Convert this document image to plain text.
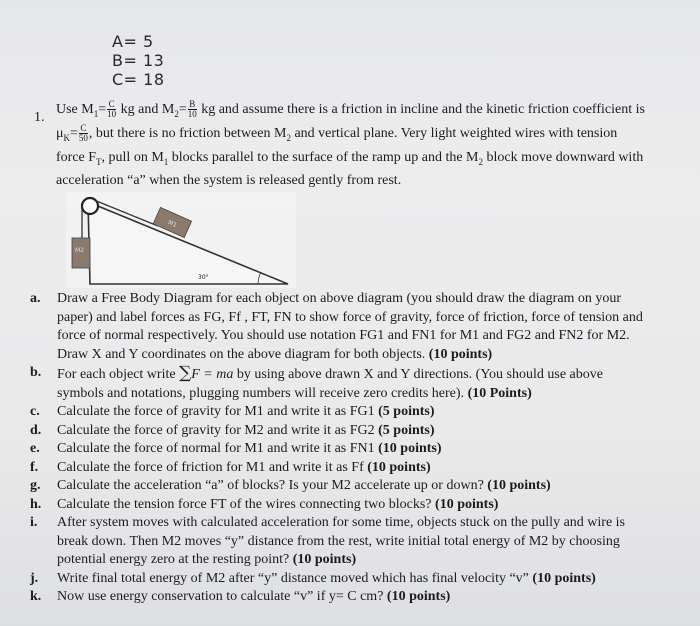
A= 5
B= 13
C= 18
1.
Use $M_1= \frac{C}{10}$ kg and $M_2= \frac{B}{10}$ kg and assume there is a friction in incline and the kinetic friction coefficient is $\mu_K= \frac{C}{50}$ , but there is no friction between $M_2$ and vertical plane. Very light weighted wires with tension force $F_T$, pull on $M_1$ blocks parallel to the surface of the ramp up and the $M_2$ block move downward with acceleration “a” when the system is released gently from rest.
M1
M2
30°
a.	Draw a Free Body Diagram for each object on above diagram (you should draw the diagram on your paper) and label forces as FG, Ff , FT, FN to show force of gravity, force of friction, force of tension and force of normal respectively. You should use notation FG1 and FN1 for M1 and FG2 and FN2 for M2. Draw X and Y coordinates on the above diagram for both objects. (10 points)
b.	For each object write ∑F = ma by using above drawn X and Y directions. (You should use above symbols and notations, plugging numbers will receive zero credits here). (10 Points)
c.	Calculate the force of gravity for M1 and write it as FG1 (5 points)
d.	Calculate the force of gravity for M2 and write it as FG2 (5 points)
e.	Calculate the force of normal for M1 and write it as FN1 (10 points)
f.	Calculate the force of friction for M1 and write it as Ff (10 points)
g.	Calculate the acceleration “a” of blocks? Is your M2 accelerate up or down? (10 points)
h.	Calculate the tension force FT of the wires connecting two blocks? (10 points)
i.	After system moves with calculated acceleration for some time, objects stuck on the pully and wire is break down. Then M2 moves “y” distance from the rest, write initial total energy of M2 by choosing potential energy zero at the resting point? (10 points)
j.	Write final total energy of M2 after “y” distance moved which has final velocity “v” (10 points)
k.	Now use energy conservation to calculate “v” if y= C cm? (10 points)
